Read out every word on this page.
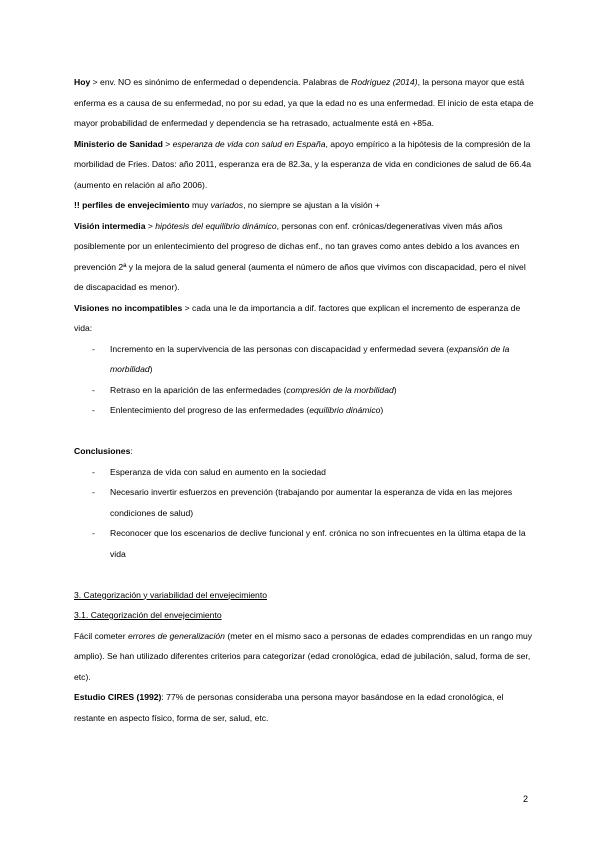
Hoy > env. NO es sinónimo de enfermedad o dependencia. Palabras de Rodriguez (2014), la persona mayor que está enferma es a causa de su enfermedad, no por su edad, ya que la edad no es una enfermedad. El inicio de esta etapa de mayor probabilidad de enfermedad y dependencia se ha retrasado, actualmente está en +85a.

Ministerio de Sanidad > esperanza de vida con salud en España, apoyo empírico a la hipótesis de la compresión de la morbilidad de Fries. Datos: año 2011, esperanza era de 82.3a, y la esperanza de vida en condiciones de salud de 66.4a (aumento en relación al año 2006).

!! perfiles de envejecimiento muy variados, no siempre se ajustan a la visión +

Visión intermedia > hipótesis del equilibrio dinámico, personas con enf. crónicas/degenerativas viven más años posiblemente por un enlentecimiento del progreso de dichas enf., no tan graves como antes debido a los avances en prevención 2ª y la mejora de la salud general (aumenta el número de años que vivimos con discapacidad, pero el nivel de discapacidad es menor).

Visiones no incompatibles > cada una le da importancia a dif. factores que explican el incremento de esperanza de vida:

- Incremento en la supervivencia de las personas con discapacidad y enfermedad severa (expansión de la morbilidad)

- Retraso en la aparición de las enfermedades (compresión de la morbilidad)

- Enlentecimiento del progreso de las enfermedades (equilibrio dinámico)

Conclusiones:

- Esperanza de vida con salud en aumento en la sociedad

- Necesario invertir esfuerzos en prevención (trabajando por aumentar la esperanza de vida en las mejores condiciones de salud)

- Reconocer que los escenarios de declive funcional y enf. crónica no son infrecuentes en la última etapa de la vida

3. Categorización y variabilidad del envejecimiento

3.1. Categorización del envejecimiento

Fácil cometer errores de generalización (meter en el mismo saco a personas de edades comprendidas en un rango muy amplio). Se han utilizado diferentes criterios para categorizar (edad cronológica, edad de jubilación, salud, forma de ser, etc).

Estudio CIRES (1992): 77% de personas consideraba una persona mayor basándose en la edad cronológica, el restante en aspecto físico, forma de ser, salud, etc.

2
